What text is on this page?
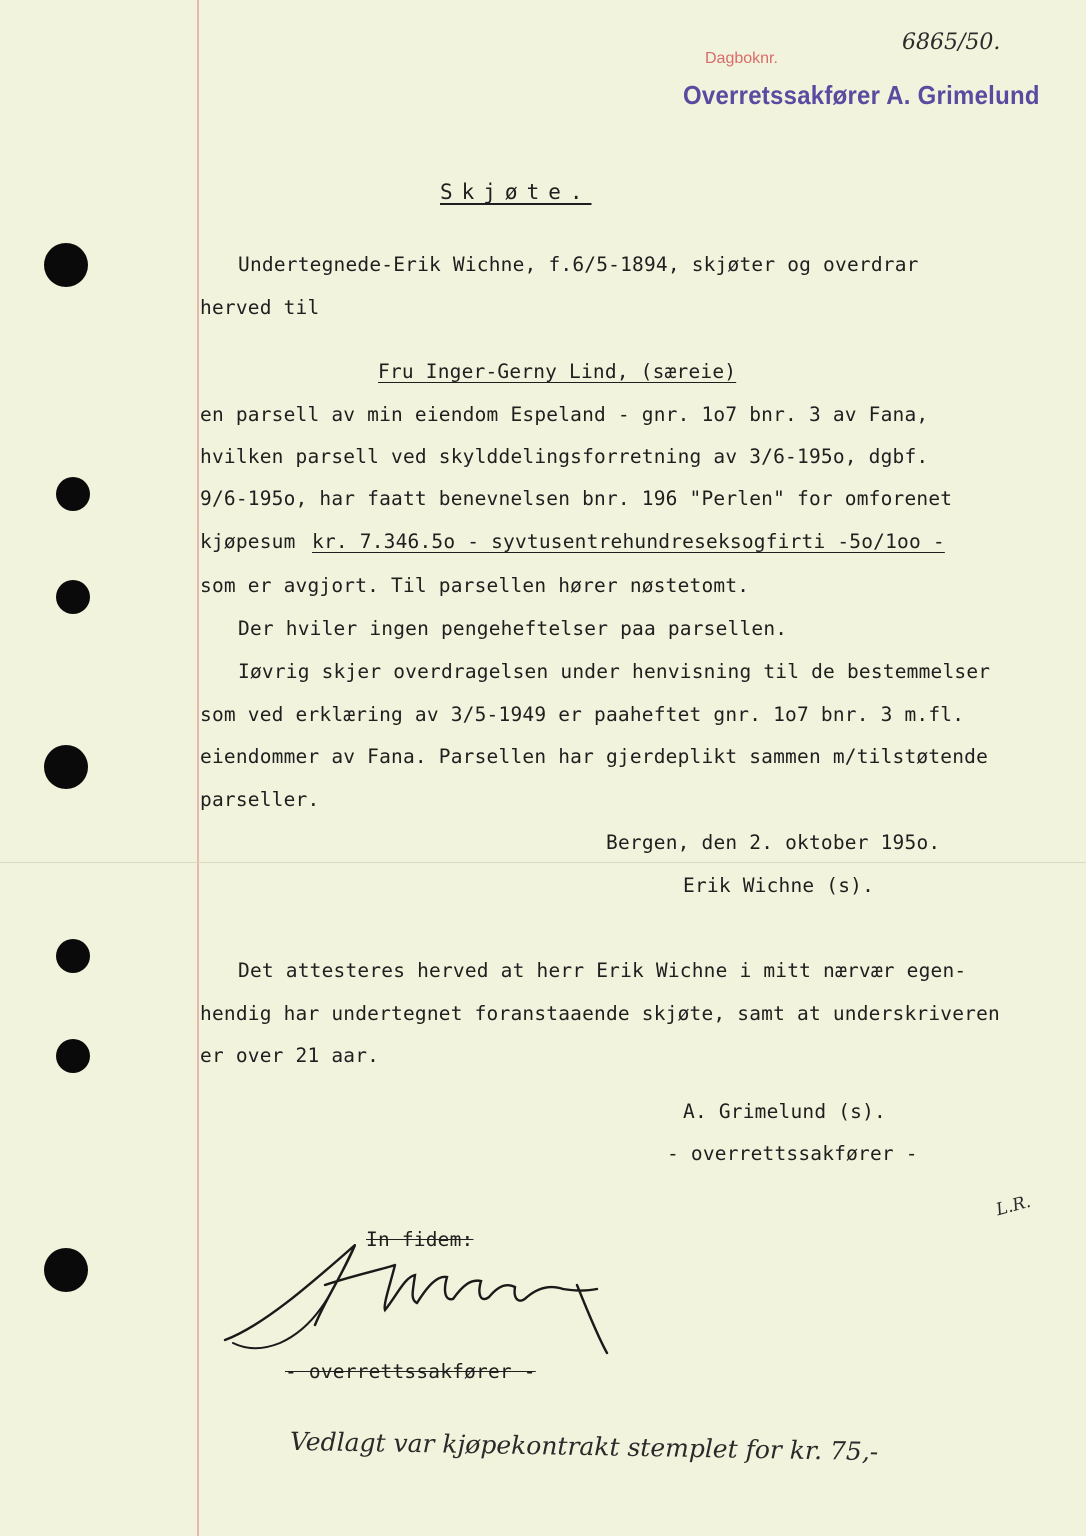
Dagboknr.
Overretssakfører A. Grimelund
6865/50.
Skjøte.
Undertegnede-Erik Wichne, f.6/5-1894, skjøter og overdrar
herved til
Fru Inger-Gerny Lind, (særeie)
en parsell av min eiendom Espeland - gnr. 1o7 bnr. 3 av Fana,
hvilken parsell ved skylddelingsforretning av 3/6-195o, dgbf.
9/6-195o, har faatt benevnelsen bnr. 196 "Perlen" for omforenet
kjøpesum kr. 7.346.5o - syvtusentrehundreseksogfirti -5o/1oo -
som er avgjort. Til parsellen hører nøstetomt.
Der hviler ingen pengeheftelser paa parsellen.
Iøvrig skjer overdragelsen under henvisning til de bestemmelser
som ved erklæring av 3/5-1949 er paaheftet gnr. 1o7 bnr. 3 m.fl.
eiendommer av Fana. Parsellen har gjerdeplikt sammen m/tilstøtende
parseller.
Bergen, den 2. oktober 195o.
Erik Wichne (s).
Det attesteres herved at herr Erik Wichne i mitt nærvær egen-
hendig har undertegnet foranstaaende skjøte, samt at underskriveren
er over 21 aar.
A. Grimelund (s).
- overrettssakfører -
L.R.
In fidem:
- overrettssakfører -
Vedlagt var kjøpekontrakt stemplet for kr. 75,-
